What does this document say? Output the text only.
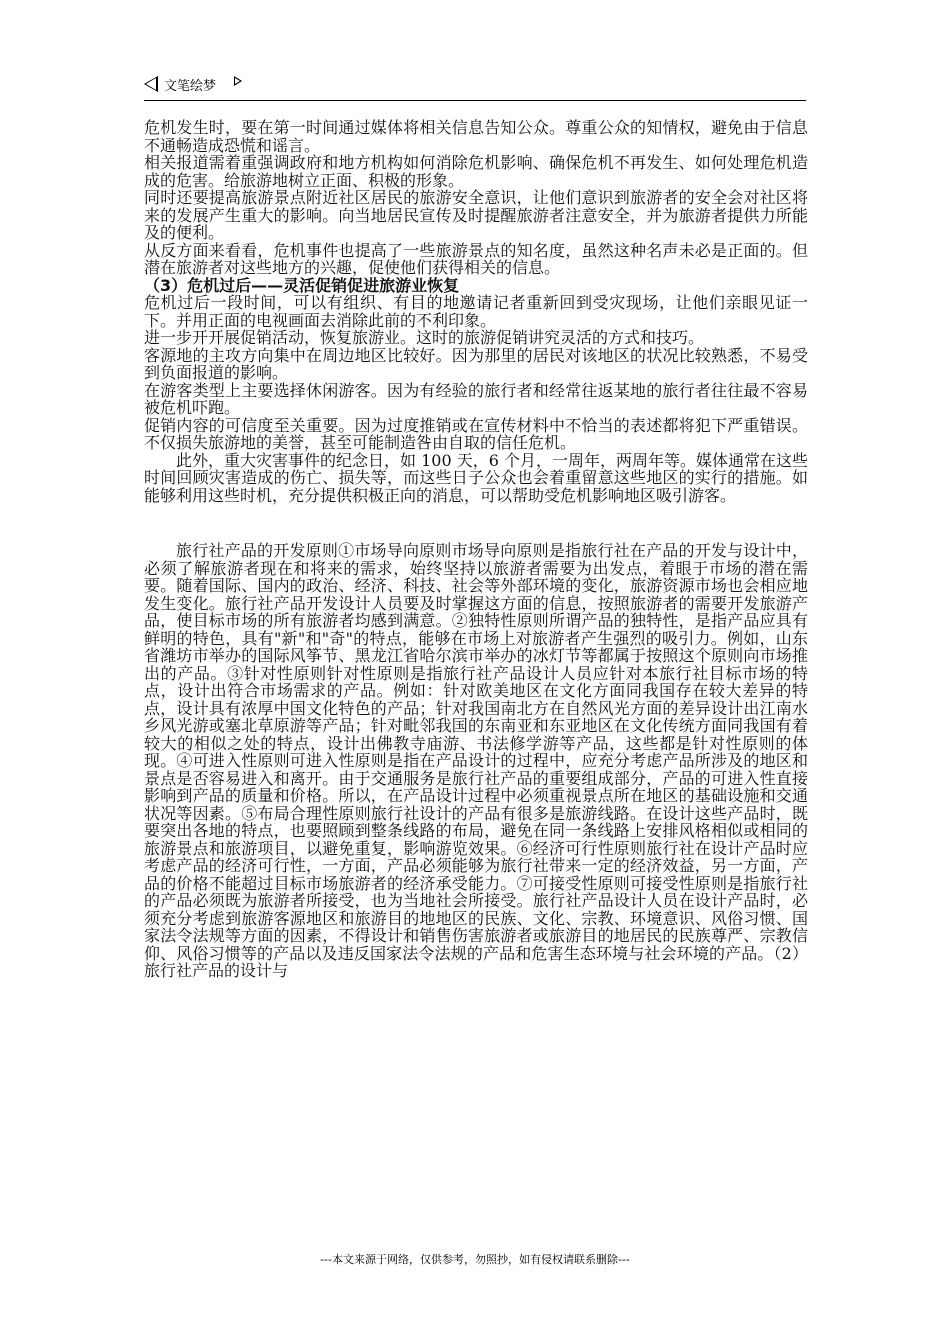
文笔绘梦

危机发生时，要在第一时间通过媒体将相关信息告知公众。尊重公众的知情权，避免由于信息不通畅造成恐慌和谣言。

相关报道需着重强调政府和地方机构如何消除危机影响、确保危机不再发生、如何处理危机造成的危害。给旅游地树立正面、积极的形象。

同时还要提高旅游景点附近社区居民的旅游安全意识，让他们意识到旅游者的安全会对社区将来的发展产生重大的影响。向当地居民宣传及时提醒旅游者注意安全，并为旅游者提供力所能及的便利。

从反方面来看看，危机事件也提高了一些旅游景点的知名度，虽然这种名声未必是正面的。但潜在旅游者对这些地方的兴趣，促使他们获得相关的信息。

（3）危机过后——灵活促销促进旅游业恢复

危机过后一段时间，可以有组织、有目的地邀请记者重新回到受灾现场，让他们亲眼见证一下。并用正面的电视画面去消除此前的不利印象。

进一步开开展促销活动，恢复旅游业。这时的旅游促销讲究灵活的方式和技巧。

客源地的主攻方向集中在周边地区比较好。因为那里的居民对该地区的状况比较熟悉，不易受到负面报道的影响。

在游客类型上主要选择休闲游客。因为有经验的旅行者和经常往返某地的旅行者往往最不容易被危机吓跑。

促销内容的可信度至关重要。因为过度推销或在宣传材料中不恰当的表述都将犯下严重错误。不仅损失旅游地的美誉，甚至可能制造咎由自取的信任危机。

此外，重大灾害事件的纪念日，如 100 天，6 个月，一周年，两周年等。媒体通常在这些时间回顾灾害造成的伤亡、损失等，而这些日子公众也会着重留意这些地区的实行的措施。如能够利用这些时机，充分提供积极正向的消息，可以帮助受危机影响地区吸引游客。

旅行社产品的开发原则①市场导向原则市场导向原则是指旅行社在产品的开发与设计中，必须了解旅游者现在和将来的需求，始终坚持以旅游者需要为出发点，着眼于市场的潜在需要。随着国际、国内的政治、经济、科技、社会等外部环境的变化，旅游资源市场也会相应地发生变化。旅行社产品开发设计人员要及时掌握这方面的信息，按照旅游者的需要开发旅游产品，使目标市场的所有旅游者均感到满意。②独特性原则所谓产品的独特性，是指产品应具有鲜明的特色，具有"新"和"奇"的特点，能够在市场上对旅游者产生强烈的吸引力。例如，山东省潍坊市举办的国际风筝节、黑龙江省哈尔滨市举办的冰灯节等都属于按照这个原则向市场推出的产品。③针对性原则针对性原则是指旅行社产品设计人员应针对本旅行社目标市场的特点，设计出符合市场需求的产品。例如：针对欧美地区在文化方面同我国存在较大差异的特点，设计具有浓厚中国文化特色的产品；针对我国南北方在自然风光方面的差异设计出江南水乡风光游或塞北草原游等产品；针对毗邻我国的东南亚和东亚地区在文化传统方面同我国有着较大的相似之处的特点，设计出佛教寺庙游、书法修学游等产品，这些都是针对性原则的体现。④可进入性原则可进入性原则是指在产品设计的过程中，应充分考虑产品所涉及的地区和景点是否容易进入和离开。由于交通服务是旅行社产品的重要组成部分，产品的可进入性直接影响到产品的质量和价格。所以，在产品设计过程中必须重视景点所在地区的基础设施和交通状况等因素。⑤布局合理性原则旅行社设计的产品有很多是旅游线路。在设计这些产品时，既要突出各地的特点，也要照顾到整条线路的布局，避免在同一条线路上安排风格相似或相同的旅游景点和旅游项目，以避免重复，影响游览效果。⑥经济可行性原则旅行社在设计产品时应考虑产品的经济可行性，一方面，产品必须能够为旅行社带来一定的经济效益，另一方面，产品的价格不能超过目标市场旅游者的经济承受能力。⑦可接受性原则可接受性原则是指旅行社的产品必须既为旅游者所接受，也为当地社会所接受。旅行社产品设计人员在设计产品时，必须充分考虑到旅游客源地区和旅游目的地地区的民族、文化、宗教、环境意识、风俗习惯、国家法令法规等方面的因素，不得设计和销售伤害旅游者或旅游目的地居民的民族尊严、宗教信仰、风俗习惯等的产品以及违反国家法令法规的产品和危害生态环境与社会环境的产品。（2）旅行社产品的设计与

---本文来源于网络，仅供参考，勿照抄，如有侵权请联系删除---
